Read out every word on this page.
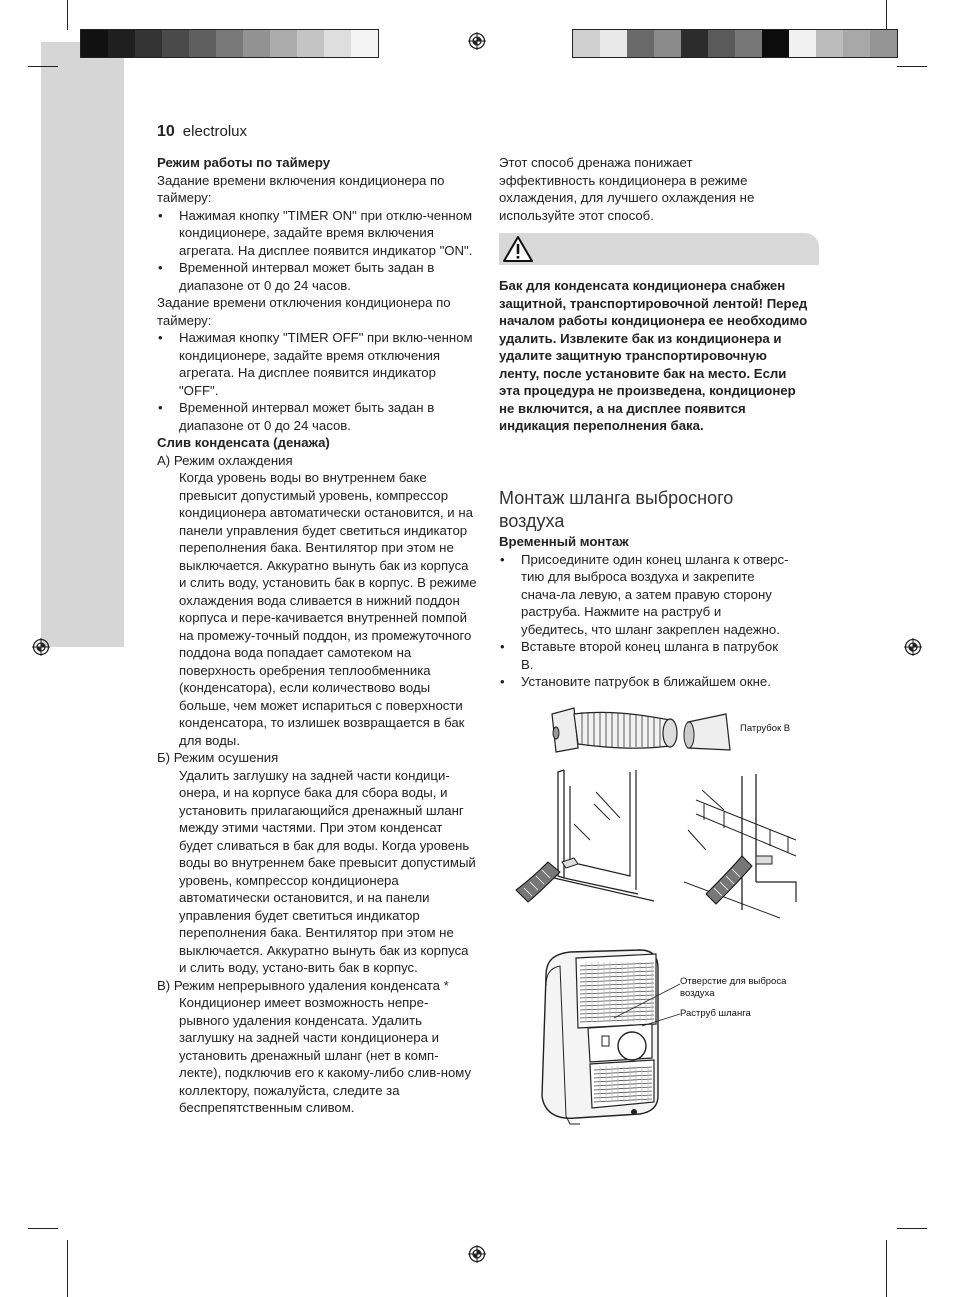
10 electrolux

Режим работы по таймеру

Задание времени включения кондиционера по таймеру:

• Нажимая кнопку "TIMER ON" при отклю-ченном кондиционере, задайте время включения агрегата. На дисплее появится индикатор "ON".
• Временной интервал может быть задан в диапазоне от 0 до 24 часов.

Задание времени отключения кондиционера по таймеру:

• Нажимая кнопку "TIMER OFF" при вклю-ченном кондиционере, задайте время отключения агрегата. На дисплее появится индикатор "OFF".
• Временной интервал может быть задан в диапазоне от 0 до 24 часов.

Слив конденсата (денажа)

А) Режим охлаждения

Когда уровень воды во внутреннем баке превысит допустимый уровень, компрессор кондиционера автоматически остановится, и на панели управления будет светиться индикатор переполнения бака. Вентилятор при этом не выключается. Аккуратно вынуть бак из корпуса и слить воду, установить бак в корпус. В режиме охлаждения вода сливается в нижний поддон корпуса и пере-качивается внутренней помпой на промежу-точный поддон, из промежуточного поддона вода попадает самотеком на поверхность оребрения теплообменника (конденсатора), если количествово воды больше, чем может испариться с поверхности конденсатора, то излишек возвращается в бак для воды.

Б) Режим осушения

Удалить заглушку на задней части кондици-онера, и на корпусе бака для сбора воды, и установить прилагающийся дренажный шланг между этими частями. При этом конденсат будет сливаться в бак для воды. Когда уровень воды во внутреннем баке превысит допустимый уровень, компрессор кондиционера автоматически остановится, и на панели управления будет светиться индикатор переполнения бака. Вентилятор при этом не выключается. Аккуратно вынуть бак из корпуса и слить воду, устано-вить бак в корпус.

В) Режим непрерывного удаления конденсата *

Кондиционер имеет возможность непре-рывного удаления конденсата. Удалить заглушку на задней части кондиционера и установить дренажный шланг (нет в комп-лекте), подключив его к какому-либо слив-ному коллектору, пожалуйста, следите за беспрепятственным сливом.

Этот способ дренажа понижает эффективность кондиционера в режиме охлаждения, для лучшего охлаждения не используйте этот способ.

Бак для конденсата кондиционера снабжен защитной, транспортировочной лентой! Перед началом работы кондиционера ее необходимо удалить. Извлеките бак из кондиционера и удалите защитную транспортировочную ленту, после установите бак на место. Если эта процедура не произведена, кондиционер не включится, а на дисплее появится индикация переполнения бака.

Монтаж шланга выбросного воздуха

Временный монтаж

• Присоедините один конец шланга к отверс-тию для выброса воздуха и закрепите снача-ла левую, а затем правую сторону раструба. Нажмите на раструб и убедитесь, что шланг закреплен надежно.
• Вставьте второй конец шланга в патрубок В.
• Установите патрубок в ближайшем окне.
Патрубок В
Отверстие для выброса воздуха
Раструб шланга
